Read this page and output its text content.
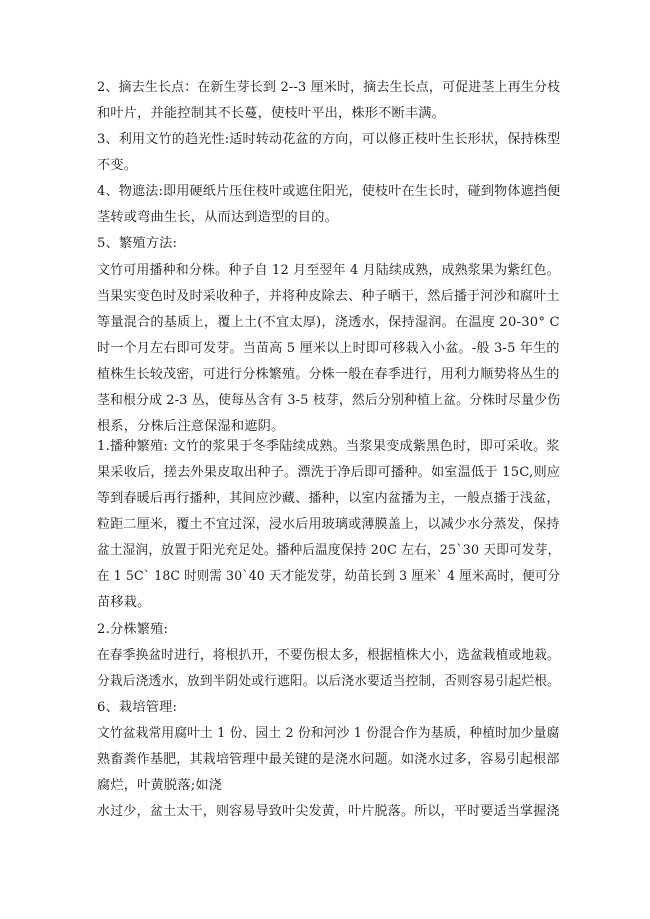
2、摘去生长点：在新生芽长到 2--3 厘米时，摘去生长点，可促进茎上再生分枝
和叶片，并能控制其不长蔓，使枝叶平出，株形不断丰满。

3、利用文竹的趋光性:适时转动花盆的方向，可以修正枝叶生长形状，保持株型
不变。

4、物遮法:即用硬纸片压住枝叶或遮住阳光，使枝叶在生长时，碰到物体遮挡便
茎转或弯曲生长，从而达到造型的目的。

5、繁殖方法:

文竹可用播种和分株。种子自 12 月至翌年 4 月陆续成熟，成熟浆果为紫红色。 当果实变色时及时采收种子，并将种皮除去、种子晒干，然后播于河沙和腐叶土 等量混合的基质上，覆上土(不宜太厚)，浇透水，保持湿润。在温度 20-30° C 时一个月左右即可发芽。当苗高 5 厘米以上时即可移栽入小盆。-般 3-5 年生的 植株生长较茂密，可进行分株繁殖。分株一般在春季进行，用利力顺势将丛生的 茎和根分成 2-3 丛，使每丛含有 3-5 枝芽，然后分别种植上盆。分株时尽量少伤
根系，分株后注意保湿和遮阴。

1.播种繁殖: 文竹的浆果于冬季陆续成熟。当浆果变成紫黑色时，即可采收。浆 果采收后，搓去外果皮取出种子。漂洗于净后即可播种。如室温低于 15C,则应 等到春暖后再行播种，其间应沙藏、播种，以室内盆播为主，一般点播于浅盆， 粒距二厘米，覆土不宜过深，浸水后用玻璃或薄膜盖上，以减少水分蒸发，保持 盆土湿润，放置于阳光充足处。播种后温度保持 20C 左右，25`30 天即可发芽， 在 1 5C` 18C 时则需 30`40 天才能发芽，幼苗长到 3 厘米` 4 厘米高时，便可分
苗移栽。

2.分株繁殖:

在春季换盆时进行，将根扒开，不要伤根太多，根据植株大小，选盆栽植或地栽。 分栽后浇透水，放到半阴处或行遮阳。以后浇水要适当控制，否则容易引起烂根。

6、栽培管理:

文竹盆栽常用腐叶土 1 份、园土 2 份和河沙 1 份混合作为基质，种植时加少量腐 熟畜粪作基肥，其栽培管理中最关键的是浇水问题。如浇水过多，容易引起根部
腐烂，叶黄脱落;如浇

水过少，盆土太干，则容易导致叶尖发黄，叶片脱落。所以，平时要适当掌握浇
